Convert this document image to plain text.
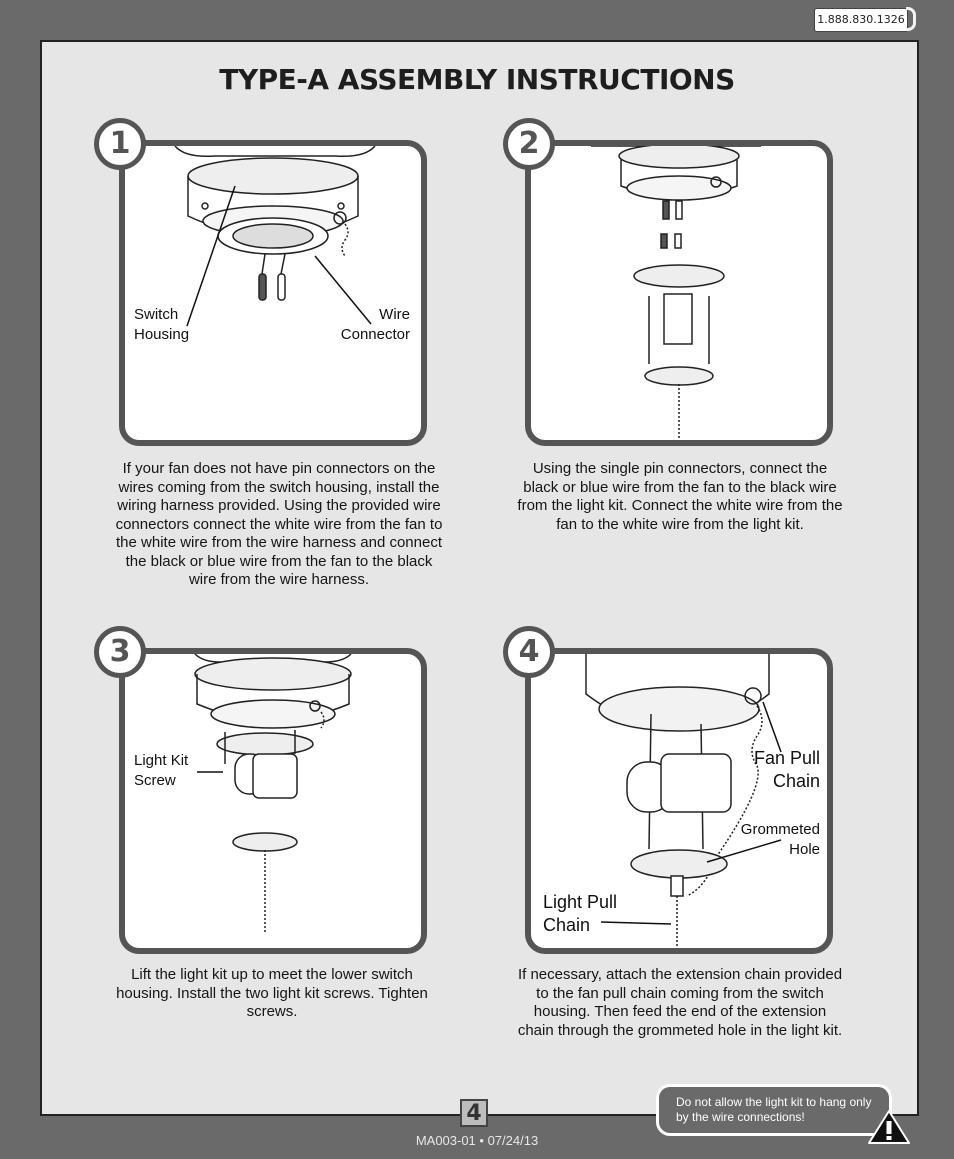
1.888.830.1326
TYPE-A ASSEMBLY INSTRUCTIONS
1
Switch
Housing
Wire
Connector

If your fan does not have pin connectors on the wires coming from the switch housing, install the wiring harness provided. Using the provided wire connectors connect the white wire from the fan to the white wire from the wire harness and connect the black or blue wire from the fan to the black wire from the wire harness.

2

Using the single pin connectors, connect the black or blue wire from the fan to the black wire from the light kit. Connect the white wire from the fan to the white wire from the light kit.

3
Light Kit
Screw

Lift the light kit up to meet the lower switch housing. Install the two light kit screws. Tighten screws.

4
Fan Pull
Chain
Grommeted
Hole
Light Pull
Chain

If necessary, attach the extension chain provided to the fan pull chain coming from the switch housing. Then feed the end of the extension chain through the grommeted hole in the light kit.

4
MA003-01 • 07/24/13
Do not allow the light kit to hang only by the wire connections!
